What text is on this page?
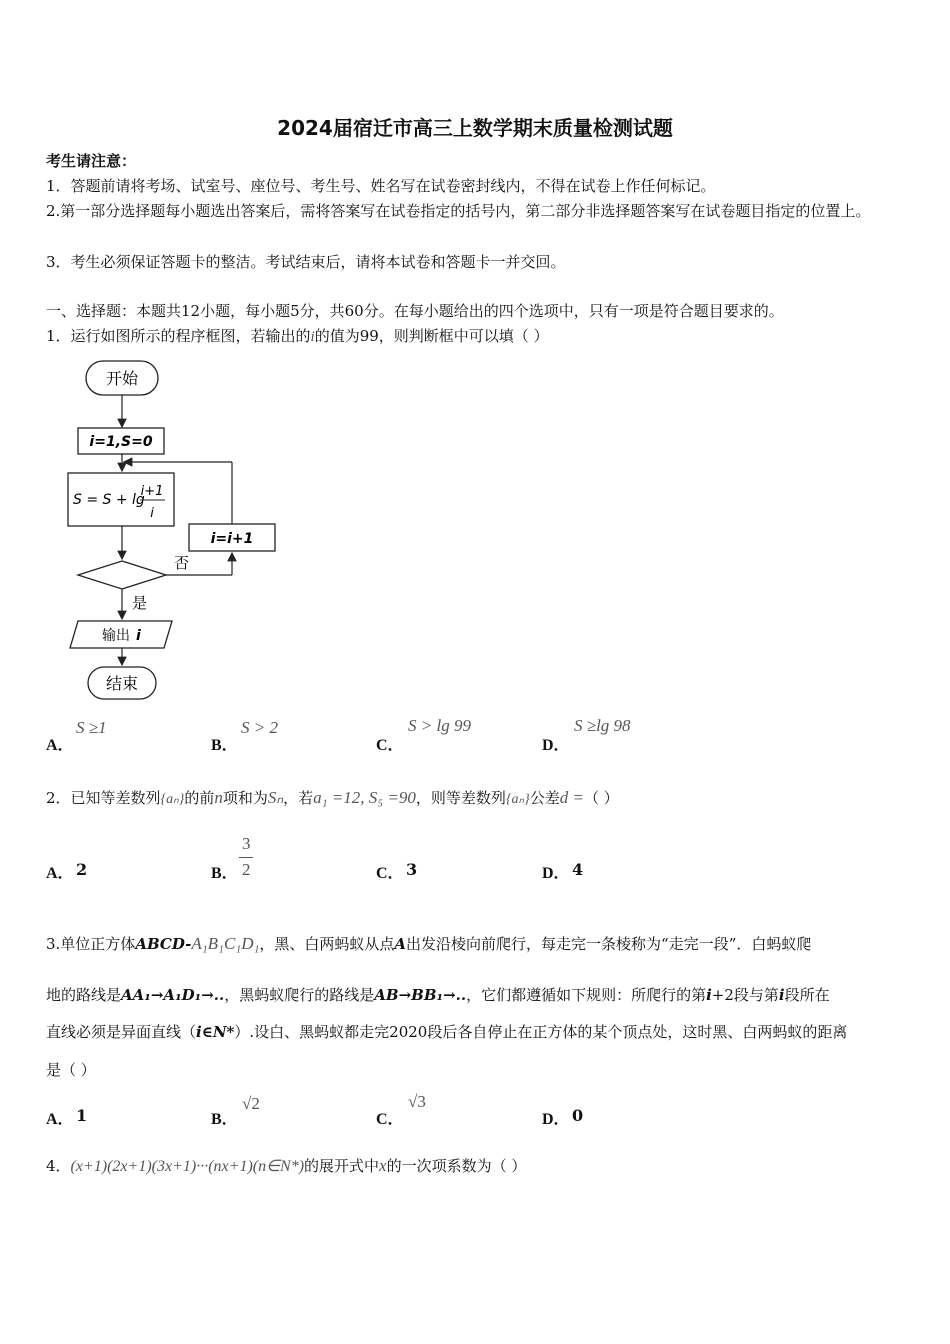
2024届宿迁市高三上数学期末质量检测试题
考生请注意：
1．答题前请将考场、试室号、座位号、考生号、姓名写在试卷密封线内，不得在试卷上作任何标记。
2.第一部分选择题每小题选出答案后，需将答案写在试卷指定的括号内，第二部分非选择题答案写在试卷题目指定的位置上。
3．考生必须保证答题卡的整洁。考试结束后，请将本试卷和答题卡一并交回。
一、选择题：本题共12小题，每小题5分，共60分。在每小题给出的四个选项中，只有一项是符合题目要求的。
1．运行如图所示的程序框图，若输出的i的值为99，则判断框中可以填（ ）
开始
i=1,S=0
S = S + lg
i+1
i
否
i=i+1
是
输出 i
结束
A．
S ≥1
B．
S > 2
C．
S > lg 99
D．
S ≥lg 98
2．已知等差数列{aₙ}的前n项和为Sₙ，若a₁ =12, S₅ =90，则等差数列{aₙ}公差d =（ ）
A． 2	B．
3
2	C． 3	D． 4
3.单位正方体ABCD-A₁B₁C₁D₁，黑、白两蚂蚁从点A出发沿棱向前爬行，每走完一条棱称为“走完一段”．白蚂蚁爬
地的路线是AA₁→A₁D₁→..，黑蚂蚁爬行的路线是AB→BB₁→..，它们都遵循如下规则：所爬行的第i+2段与第i段所在
直线必须是异面直线（i∈N*）.设白、黑蚂蚁都走完2020段后各自停止在正方体的某个顶点处，这时黑、白两蚂蚁的距离
是（ ）
A． 1	B．
√2
C．
√3
D． 0
4．(x+1)(2x+1)(3x+1)···(nx+1)(n∈N*)的展开式中x的一次项系数为（ ）
